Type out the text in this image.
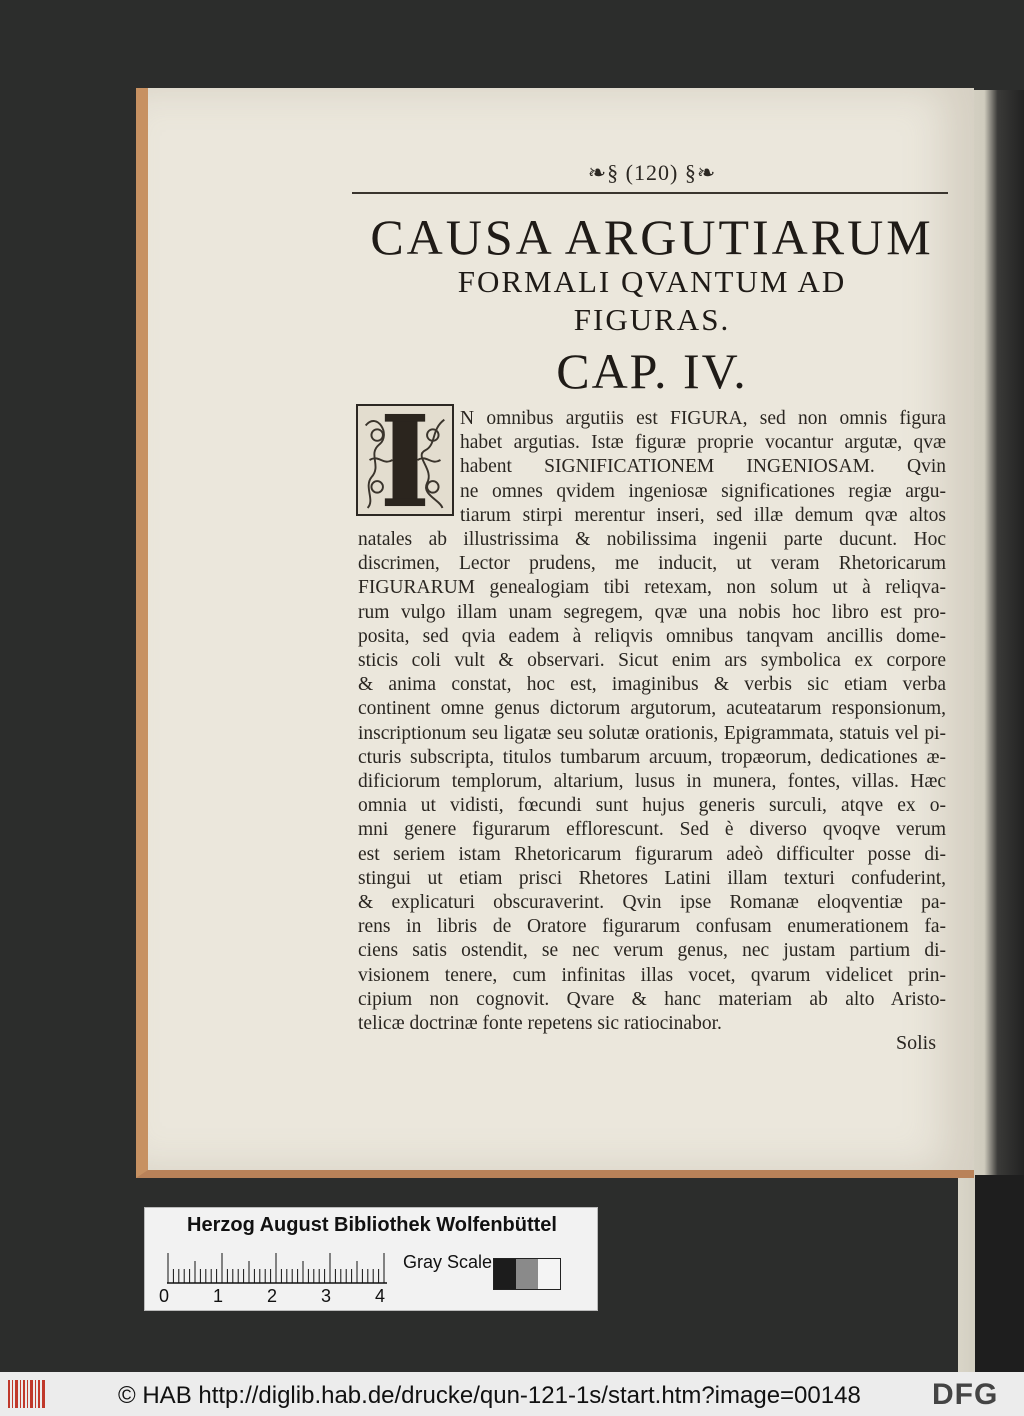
❧§ (120) §❧
CAUSA ARGUTIARUM
FORMALI QVANTUM AD
FIGURAS.
CAP. IV.
N omnibus argutiis est FIGURA, sed non omnis figura
habet argutias. Istæ figuræ proprie vocantur argutæ, qvæ
habent SIGNIFICATIONEM INGENIOSAM. Qvin
ne omnes qvidem ingeniosæ significationes regiæ argu-
tiarum stirpi merentur inseri, sed illæ demum qvæ altos
natales ab illustrissima & nobilissima ingenii parte ducunt. Hoc
discrimen, Lector prudens, me inducit, ut veram Rhetoricarum
FIGURARUM genealogiam tibi retexam, non solum ut à reliqva-
rum vulgo illam unam segregem, qvæ una nobis hoc libro est pro-
posita, sed qvia eadem à reliqvis omnibus tanqvam ancillis dome-
sticis coli vult & observari. Sicut enim ars symbolica ex corpore
& anima constat, hoc est, imaginibus & verbis sic etiam verba
continent omne genus dictorum argutorum, acuteatarum responsionum,
inscriptionum seu ligatæ seu solutæ orationis, Epigrammata, statuis vel pi-
cturis subscripta, titulos tumbarum arcuum, tropæorum, dedicationes æ-
dificiorum templorum, altarium, lusus in munera, fontes, villas. Hæc
omnia ut vidisti, fœcundi sunt hujus generis surculi, atqve ex o-
mni genere figurarum efflorescunt. Sed è diverso qvoqve verum
est seriem istam Rhetoricarum figurarum adeò difficulter posse di-
stingui ut etiam prisci Rhetores Latini illam texturi confuderint,
& explicaturi obscuraverint. Qvin ipse Romanæ eloqventiæ pa-
rens in libris de Oratore figurarum confusam enumerationem fa-
ciens satis ostendit, se nec verum genus, nec justam partium di-
visionem tenere, cum infinitas illas vocet, qvarum videlicet prin-
cipium non cognovit. Qvare & hanc materiam ab alto Aristo-
telicæ doctrinæ fonte repetens sic ratiocinabor.
Solis
Herzog August Bibliothek Wolfenbüttel
0 1 2 3 4
Gray Scale
© HAB http://diglib.hab.de/drucke/qun-121-1s/start.htm?image=00148 DFG
